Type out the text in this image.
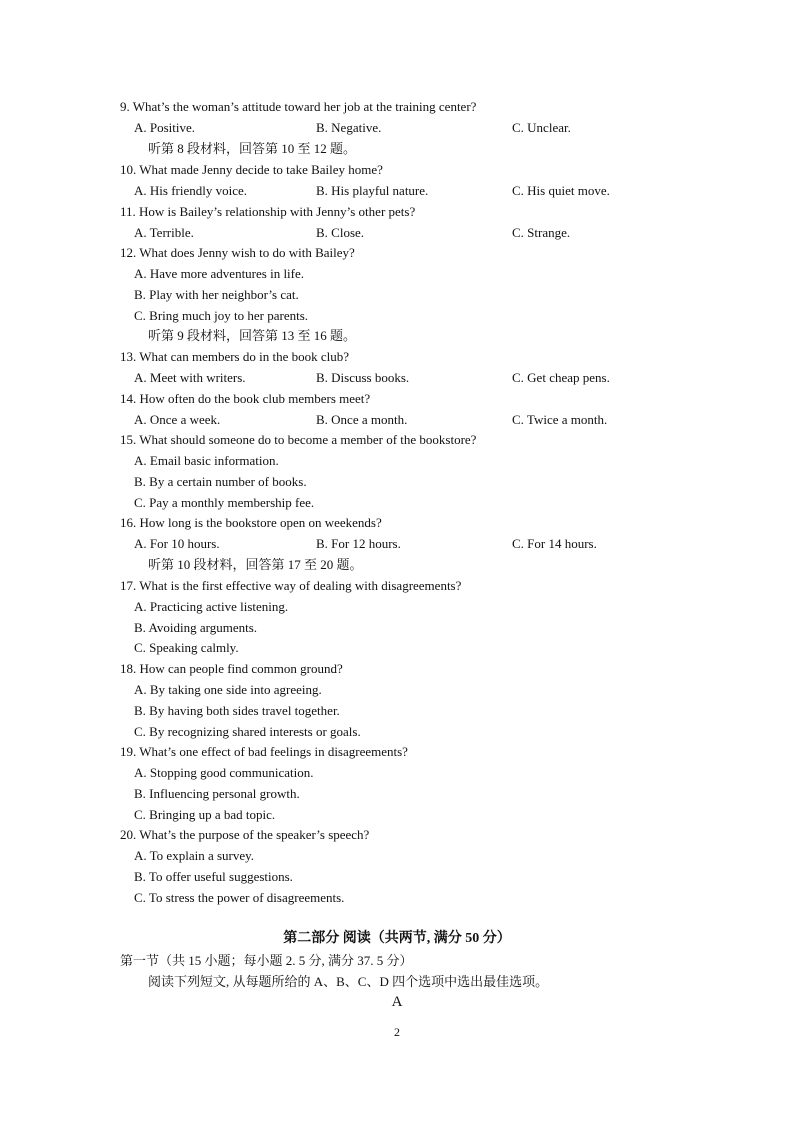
9. What’s the woman’s attitude toward her job at the training center?
A. Positive.	B. Negative.	C. Unclear.
听第 8 段材料，回答第 10 至 12 题。
10. What made Jenny decide to take Bailey home?
A. His friendly voice.	B. His playful nature.	C. His quiet move.
11. How is Bailey’s relationship with Jenny’s other pets?
A. Terrible.	B. Close.	C. Strange.
12. What does Jenny wish to do with Bailey?
A. Have more adventures in life.
B. Play with her neighbor’s cat.
C. Bring much joy to her parents.
听第 9 段材料，回答第 13 至 16 题。
13. What can members do in the book club?
A. Meet with writers.	B. Discuss books.	C. Get cheap pens.
14. How often do the book club members meet?
A. Once a week.	B. Once a month.	C. Twice a month.
15. What should someone do to become a member of the bookstore?
A. Email basic information.
B. By a certain number of books.
C. Pay a monthly membership fee.
16. How long is the bookstore open on weekends?
A. For 10 hours.	B. For 12 hours.	C. For 14 hours.
听第 10 段材料，回答第 17 至 20 题。
17. What is the first effective way of dealing with disagreements?
A. Practicing active listening.
B. Avoiding arguments.
C. Speaking calmly.
18. How can people find common ground?
A. By taking one side into agreeing.
B. By having both sides travel together.
C. By recognizing shared interests or goals.
19. What’s one effect of bad feelings in disagreements?
A. Stopping good communication.
B. Influencing personal growth.
C. Bringing up a bad topic.
20. What’s the purpose of the speaker’s speech?
A. To explain a survey.
B. To offer useful suggestions.
C. To stress the power of disagreements.
第二部分 阅读（共两节, 满分 50 分）
第一节（共 15 小题；每小题 2. 5 分, 满分 37. 5 分）
阅读下列短文, 从每题所给的 A、B、C、D 四个选项中选出最佳选项。
A
2
